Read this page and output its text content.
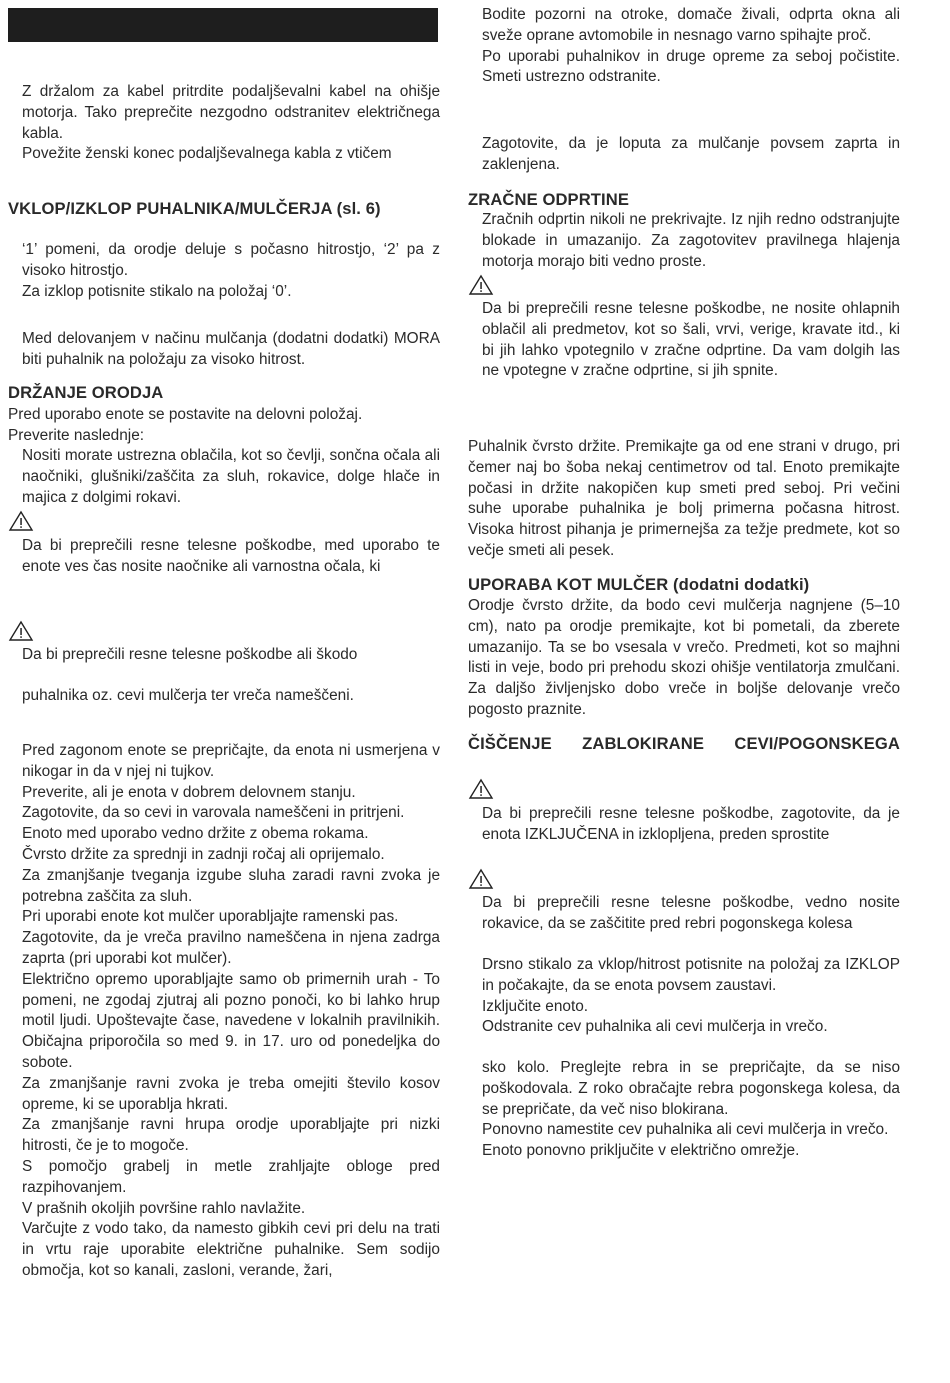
Z držalom za kabel pritrdite podaljševalni kabel na ohišje motorja. Tako preprečite nezgodno odstranitev električnega kabla.
Povežite ženski konec podaljševalnega kabla z vtičem
VKLOP/IZKLOP PUHALNIKA/MULČERJA (sl. 6)
‘1’ pomeni, da orodje deluje s počasno hitrostjo, ‘2’ pa z visoko hitrostjo.
Za izklop potisnite stikalo na položaj ‘0’.
Med delovanjem v načinu mulčanja (dodatni dodatki) MORA biti puhalnik na položaju za visoko hitrost.
DRŽANJE ORODJA
Pred uporabo enote se postavite na delovni položaj.
Preverite naslednje:
Nositi morate ustrezna oblačila, kot so čevlji, sončna očala ali naočniki, glušniki/zaščita za sluh, rokavice, dolge hlače in majica z dolgimi rokavi.
Da bi preprečili resne telesne poškodbe, med uporabo te enote ves čas nosite naočnike ali varnostna očala, ki
Da bi preprečili resne telesne poškodbe ali škodo
puhalnika oz. cevi mulčerja ter vreča nameščeni.
Pred zagonom enote se prepričajte, da enota ni usmerjena v nikogar in da v njej ni tujkov.
Preverite, ali je enota v dobrem delovnem stanju.
Zagotovite, da so cevi in varovala nameščeni in pritrjeni.
Enoto med uporabo vedno držite z obema rokama.
Čvrsto držite za sprednji in zadnji ročaj ali oprijemalo.
Za zmanjšanje tveganja izgube sluha zaradi ravni zvoka je potrebna zaščita za sluh.
Pri uporabi enote kot mulčer uporabljajte ramenski pas.
Zagotovite, da je vreča pravilno nameščena in njena zadrga zaprta (pri uporabi kot mulčer).
Električno opremo uporabljajte samo ob primernih urah - To pomeni, ne zgodaj zjutraj ali pozno ponoči, ko bi lahko hrup motil ljudi. Upoštevajte čase, navedene v lokalnih pravilnikih. Običajna priporočila so med 9. in 17. uro od ponedeljka do sobote.
Za zmanjšanje ravni zvoka je treba omejiti število kosov opreme, ki se uporablja hkrati.
Za zmanjšanje ravni hrupa orodje uporabljajte pri nizki hitrosti, če je to mogoče.
S pomočjo grabelj in metle zrahljajte obloge pred razpihovanjem.
V prašnih okoljih površine rahlo navlažite.
Varčujte z vodo tako, da namesto gibkih cevi pri delu na trati in vrtu raje uporabite električne puhalnike. Sem sodijo območja, kot so kanali, zasloni, verande, žari,
Bodite pozorni na otroke, domače živali, odprta okna ali sveže oprane avtomobile in nesnago varno spihajte proč.
Po uporabi puhalnikov in druge opreme za seboj počistite. Smeti ustrezno odstranite.
Zagotovite, da je loputa za mulčanje povsem zaprta in zaklenjena.
ZRAČNE ODPRTINE
Zračnih odprtin nikoli ne prekrivajte. Iz njih redno odstranjujte blokade in umazanijo. Za zagotovitev pravilnega hlajenja motorja morajo biti vedno proste.
Da bi preprečili resne telesne poškodbe, ne nosite ohlapnih oblačil ali predmetov, kot so šali, vrvi, verige, kravate itd., ki bi jih lahko vpotegnilo v zračne odprtine. Da vam dolgih las ne vpotegne v zračne odprtine, si jih spnite.
Puhalnik čvrsto držite. Premikajte ga od ene strani v drugo, pri čemer naj bo šoba nekaj centimetrov od tal. Enoto premikajte počasi in držite nakopičen kup smeti pred seboj. Pri večini suhe uporabe puhalnika je bolj primerna počasna hitrost. Visoka hitrost pihanja je primernejša za težje predmete, kot so večje smeti ali pesek.
UPORABA KOT MULČER (dodatni dodatki)
Orodje čvrsto držite, da bodo cevi mulčerja nagnjene (5–10 cm), nato pa orodje premikajte, kot bi pometali, da zberete umazanijo. Ta se bo vsesala v vrečo. Predmeti, kot so majhni listi in veje, bodo pri prehodu skozi ohišje ventilatorja zmulčani. Za daljšo življenjsko dobo vreče in boljše delovanje vrečo pogosto praznite.
ČIŠČENJE ZABLOKIRANE CEVI/POGONSKEGA
Da bi preprečili resne telesne poškodbe, zagotovite, da je enota IZKLJUČENA in izklopljena, preden sprostite
Da bi preprečili resne telesne poškodbe, vedno nosite rokavice, da se zaščitite pred rebri pogonskega kolesa
Drsno stikalo za vklop/hitrost potisnite na položaj za IZKLOP in počakajte, da se enota povsem zaustavi.
Izključite enoto.
Odstranite cev puhalnika ali cevi mulčerja in vrečo.
sko kolo. Preglejte rebra in se prepričajte, da se niso poškodovala. Z roko obračajte rebra pogonskega kolesa, da se prepričate, da več niso blokirana.
Ponovno namestite cev puhalnika ali cevi mulčerja in vrečo.
Enoto ponovno priključite v električno omrežje.
